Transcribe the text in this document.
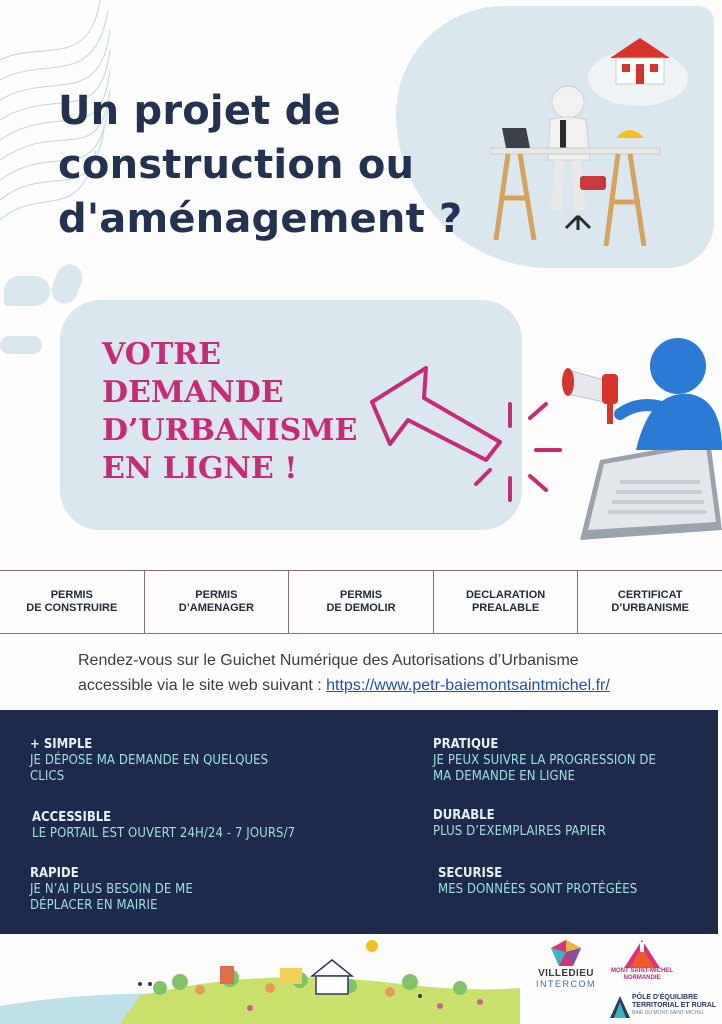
Un projet de
construction ou
d'aménagement ?
VOTRE
DEMANDE
D’URBANISME
EN LIGNE !
PERMIS
DE CONSTRUIRE
PERMIS
D’AMENAGER
PERMIS
DE DEMOLIR
DECLARATION
PREALABLE
CERTIFICAT
D’URBANISME
Rendez-vous sur le Guichet Numérique des Autorisations d’Urbanisme
accessible via le site web suivant : https://www.petr-baiemontsaintmichel.fr/
+ SIMPLE
JE DÉPOSE MA DEMANDE EN QUELQUES
CLICS
ACCESSIBLE
LE PORTAIL EST OUVERT 24H/24 - 7 JOURS/7
RAPIDE
JE N’AI PLUS BESOIN DE ME
DÉPLACER EN MAIRIE
PRATIQUE
JE PEUX SUIVRE LA PROGRESSION DE
MA DEMANDE EN LIGNE
DURABLE
PLUS D’EXEMPLAIRES PAPIER
SECURISE
MES DONNÉES SONT PROTÉGÉES
VILLEDIEU
INTERCOM
MONT SAINT-MICHEL
NORMANDIE
PÔLE D'ÉQUILIBRE
TERRITORIAL ET RURAL
BAIE DU MONT-SAINT-MICHEL
